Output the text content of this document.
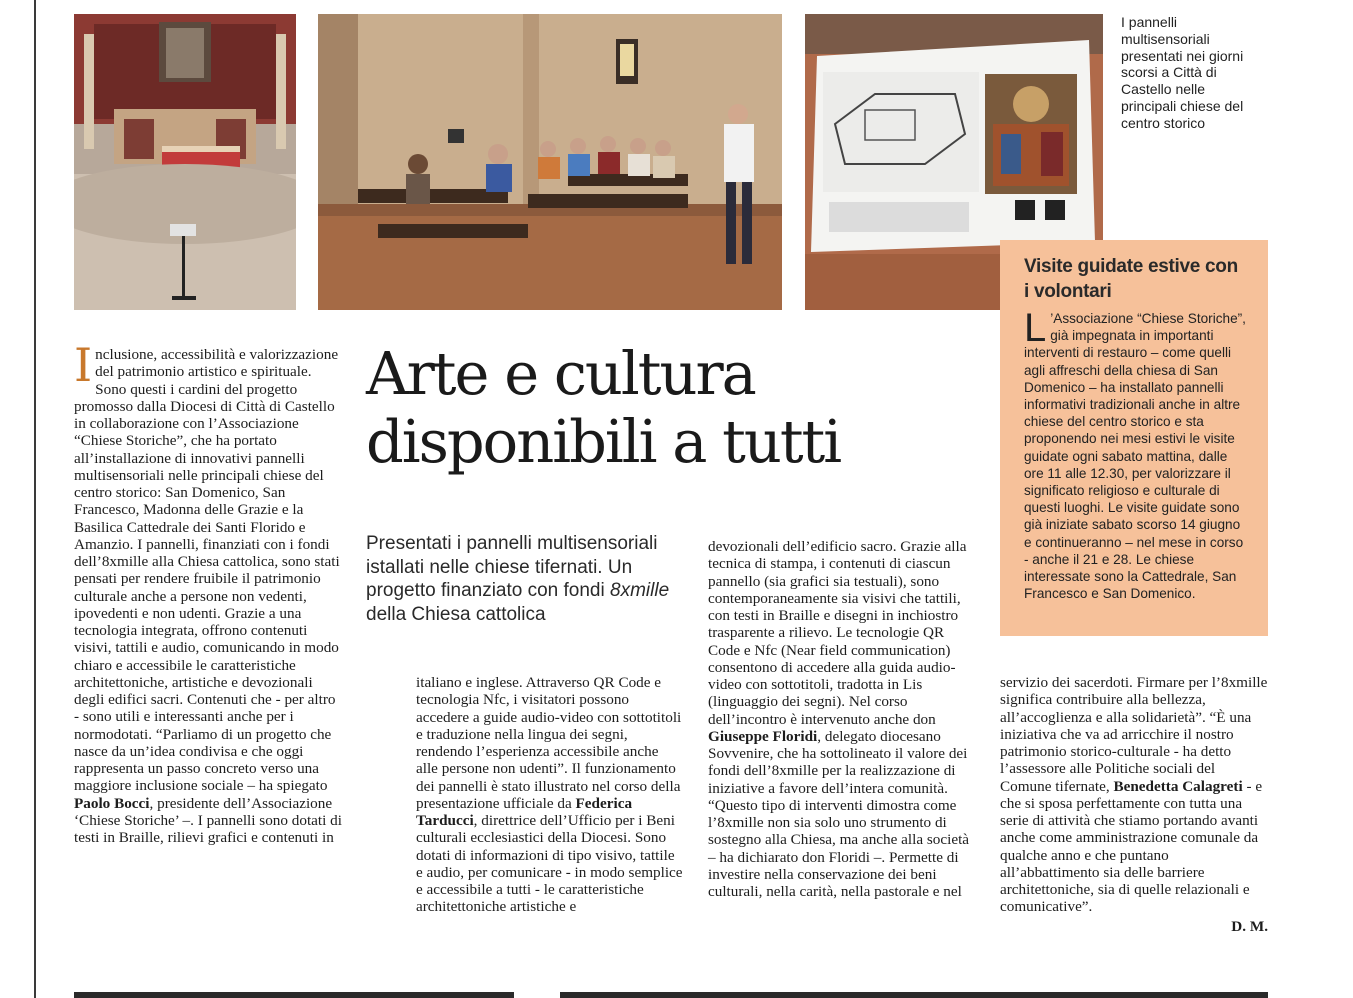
I pannelli multisensoriali presentati nei giorni scorsi a Città di Castello nelle principali chiese del centro storico
Visite guidate estive con i volontari
L ’Associazione “Chiese Storiche”, già impegnata in importanti interventi di restauro – come quelli agli affreschi della chiesa di San Domenico – ha installato pannelli informativi tradizionali anche in altre chiese del centro storico e sta proponendo nei mesi estivi le visite guidate ogni sabato mattina, dalle ore 11 alle 12.30, per valorizzare il significato religioso e culturale di questi luoghi. Le visite guidate sono già iniziate sabato scorso 14 giugno e continueranno – nel mese in corso - anche il 21 e 28. Le chiese interessate sono la Cattedrale, San Francesco e San Domenico.
Arte e cultura
disponibili a tutti
Presentati i pannelli multisensoriali istallati nelle chiese tifernati. Un progetto finanziato con fondi 8xmille della Chiesa cattolica
Inclusione, accessibilità e valorizzazione del patrimonio artistico e spirituale. Sono questi i cardini del progetto promosso dalla Diocesi di Città di Castello in collaborazione con l’Associazione “Chiese Storiche”, che ha portato all’installazione di innovativi pannelli multisensoriali nelle principali chiese del centro storico: San Domenico, San Francesco, Madonna delle Grazie e la Basilica Cattedrale dei Santi Florido e Amanzio. I pannelli, finanziati con i fondi dell’8xmille alla Chiesa cattolica, sono stati pensati per rendere fruibile il patrimonio culturale anche a persone non vedenti, ipovedenti e non udenti. Grazie a una tecnologia integrata, offrono contenuti visivi, tattili e audio, comunicando in modo chiaro e accessibile le caratteristiche architettoniche, artistiche e devozionali degli edifici sacri. Contenuti che - per altro - sono utili e interessanti anche per i normodotati. “Parliamo di un progetto che nasce da un’idea condivisa e che oggi rappresenta un passo concreto verso una maggiore inclusione sociale – ha spiegato Paolo Bocci, presidente dell’Associazione ‘Chiese Storiche’ –. I pannelli sono dotati di testi in Braille, rilievi grafici e contenuti in
italiano e inglese. Attraverso QR Code e tecnologia Nfc, i visitatori possono accedere a guide audio-video con sottotitoli e traduzione nella lingua dei segni, rendendo l’esperienza accessibile anche alle persone non udenti”. Il funzionamento dei pannelli è stato illustrato nel corso della presentazione ufficiale da Federica Tarducci, direttrice dell’Ufficio per i Beni culturali ecclesiastici della Diocesi. Sono dotati di informazioni di tipo visivo, tattile e audio, per comunicare - in modo semplice e accessibile a tutti - le caratteristiche architettoniche artistiche e
devozionali dell’edificio sacro. Grazie alla tecnica di stampa, i contenuti di ciascun pannello (sia grafici sia testuali), sono contemporaneamente sia visivi che tattili, con testi in Braille e disegni in inchiostro trasparente a rilievo. Le tecnologie QR Code e Nfc (Near field communication) consentono di accedere alla guida audio-video con sottotitoli, tradotta in Lis (linguaggio dei segni). Nel corso dell’incontro è intervenuto anche don Giuseppe Floridi, delegato diocesano Sovvenire, che ha sottolineato il valore dei fondi dell’8xmille per la realizzazione di iniziative a favore dell’intera comunità. “Questo tipo di interventi dimostra come l’8xmille non sia solo uno strumento di sostegno alla Chiesa, ma anche alla società – ha dichiarato don Floridi –. Permette di investire nella conservazione dei beni culturali, nella carità, nella pastorale e nel
servizio dei sacerdoti. Firmare per l’8xmille significa contribuire alla bellezza, all’accoglienza e alla solidarietà”. “È una iniziativa che va ad arricchire il nostro patrimonio storico-culturale - ha detto l’assessore alle Politiche sociali del Comune tifernate, Benedetta Calagreti - e che si sposa perfettamente con tutta una serie di attività che stiamo portando avanti anche come amministrazione comunale da qualche anno e che puntano all’abbattimento sia delle barriere architettoniche, sia di quelle relazionali e comunicative”.
D. M.
